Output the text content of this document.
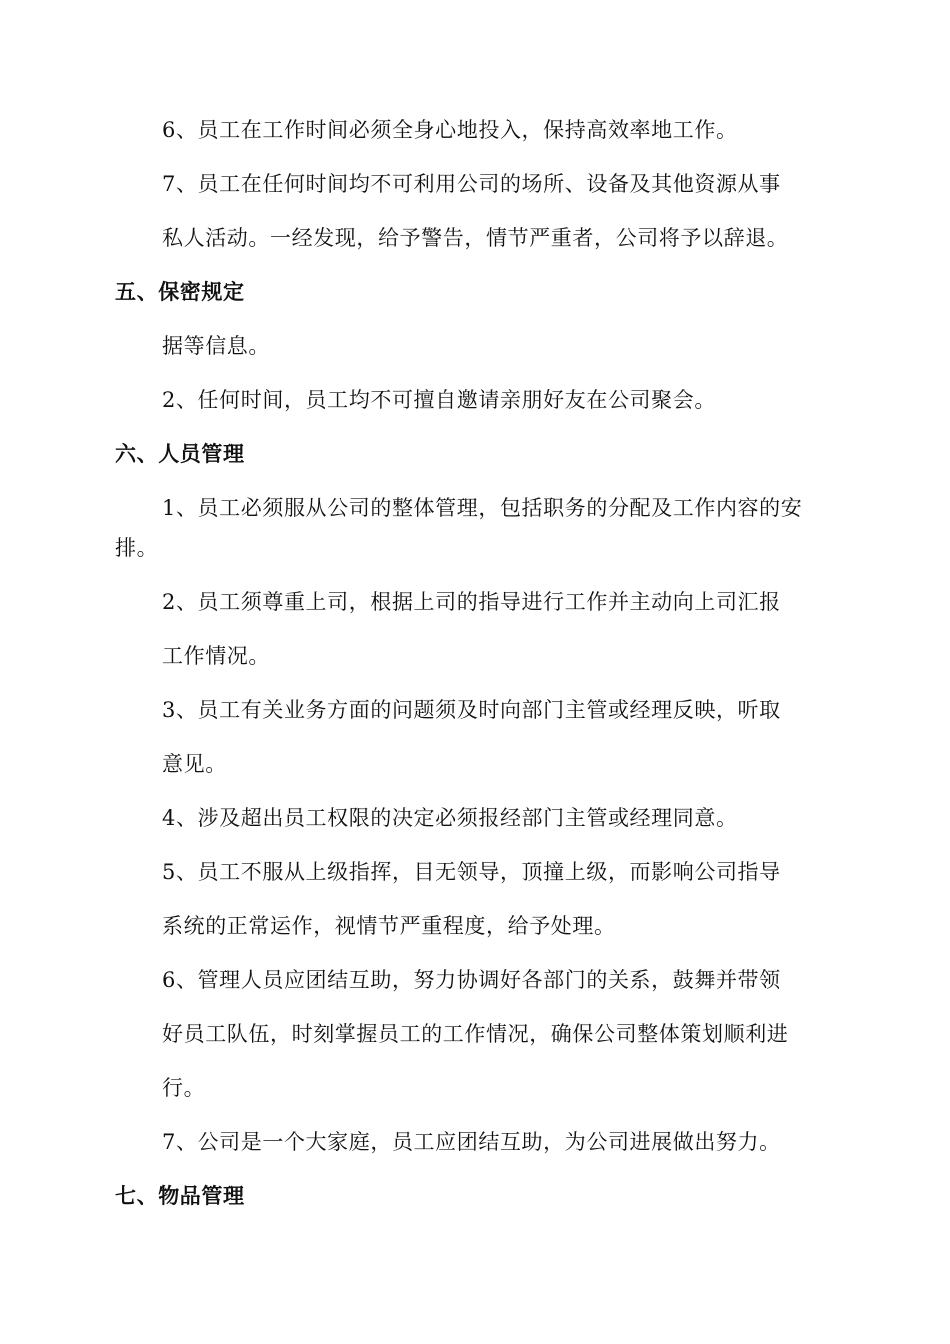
6、员工在工作时间必须全身心地投入，保持高效率地工作。
7、员工在任何时间均不可利用公司的场所、设备及其他资源从事
私人活动。一经发现，给予警告，情节严重者，公司将予以辞退。
五、保密规定
据等信息。
2、任何时间，员工均不可擅自邀请亲朋好友在公司聚会。
六、人员管理
1、员工必须服从公司的整体管理，包括职务的分配及工作内容的安
排。
2、员工须尊重上司，根据上司的指导进行工作并主动向上司汇报
工作情况。
3、员工有关业务方面的问题须及时向部门主管或经理反映，听取
意见。
4、涉及超出员工权限的决定必须报经部门主管或经理同意。
5、员工不服从上级指挥，目无领导，顶撞上级，而影响公司指导
系统的正常运作，视情节严重程度，给予处理。
6、管理人员应团结互助，努力协调好各部门的关系，鼓舞并带领
好员工队伍，时刻掌握员工的工作情况，确保公司整体策划顺利进
行。
7、公司是一个大家庭，员工应团结互助，为公司进展做出努力。
七、物品管理
